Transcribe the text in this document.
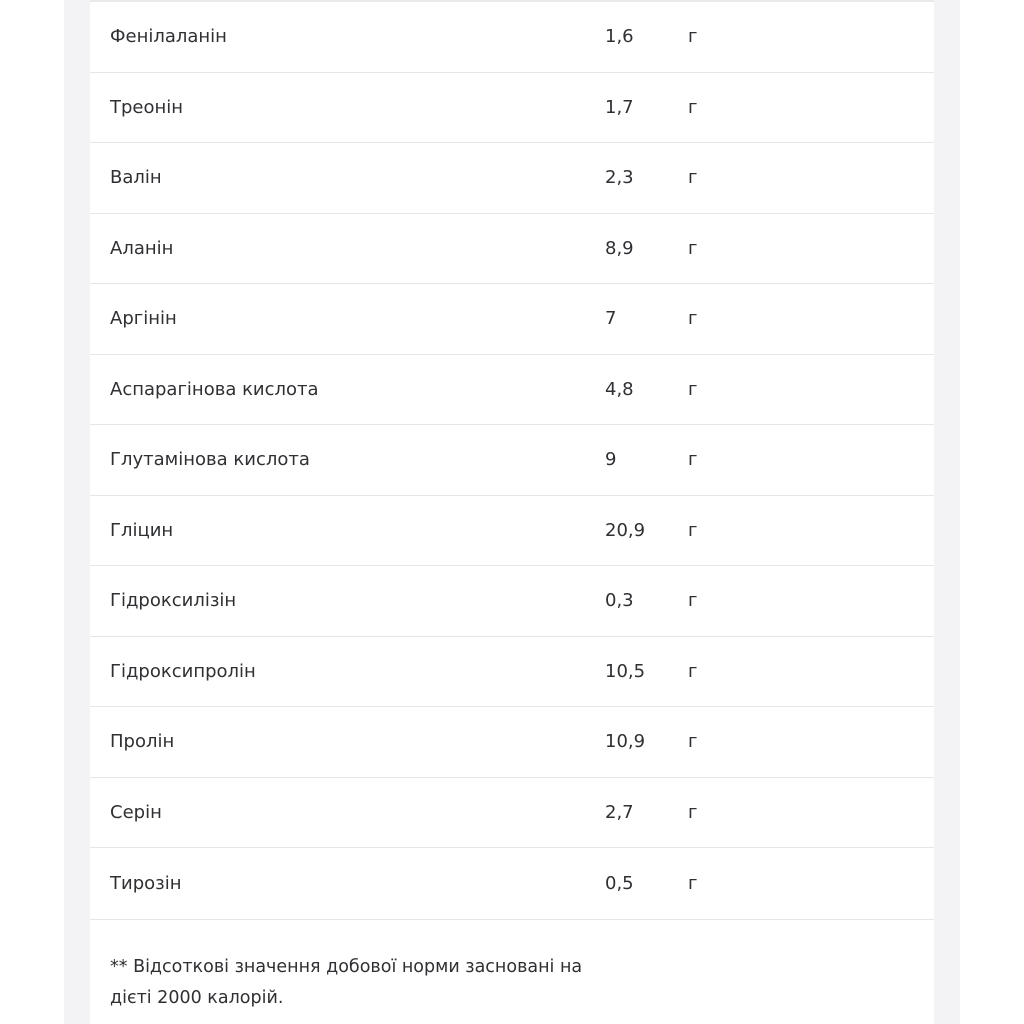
Фенілаланін	1,6	г
Треонін	1,7	г
Валін	2,3	г
Аланін	8,9	г
Аргінін	7	г
Аспарагінова кислота	4,8	г
Глутамінова кислота	9	г
Гліцин	20,9 г
Гідроксилізін	0,3	г
Гідроксипролін	10,5 г
Пролін	10,9 г
Серін	2,7	г
Тирозін	0,5	г
** Відсоткові значення добової норми засновані на дієті 2000 калорій.
